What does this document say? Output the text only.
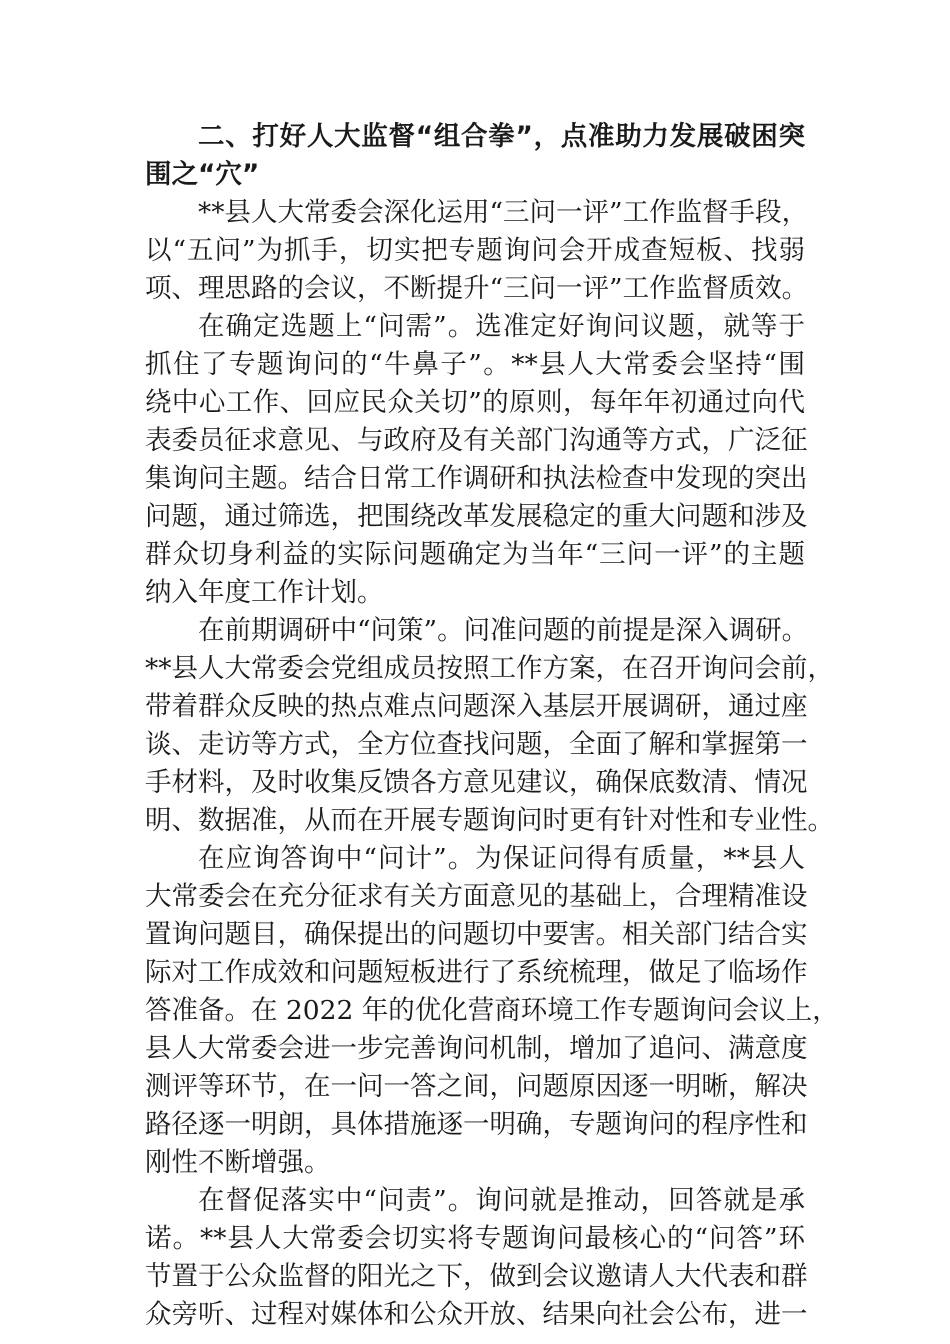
二、打好人大监督“组合拳”，点准助力发展破困突
围之“穴”
**县人大常委会深化运用“三问一评”工作监督手段，
以“五问”为抓手，切实把专题询问会开成查短板、找弱
项、理思路的会议，不断提升“三问一评”工作监督质效。
在确定选题上“问需”。选准定好询问议题，就等于
抓住了专题询问的“牛鼻子”。**县人大常委会坚持“围
绕中心工作、回应民众关切”的原则，每年年初通过向代
表委员征求意见、与政府及有关部门沟通等方式，广泛征
集询问主题。结合日常工作调研和执法检查中发现的突出
问题，通过筛选，把围绕改革发展稳定的重大问题和涉及
群众切身利益的实际问题确定为当年“三问一评”的主题
纳入年度工作计划。
在前期调研中“问策”。问准问题的前提是深入调研。
**县人大常委会党组成员按照工作方案，在召开询问会前，
带着群众反映的热点难点问题深入基层开展调研，通过座
谈、走访等方式，全方位查找问题，全面了解和掌握第一
手材料，及时收集反馈各方意见建议，确保底数清、情况
明、数据准，从而在开展专题询问时更有针对性和专业性。
在应询答询中“问计”。为保证问得有质量，**县人
大常委会在充分征求有关方面意见的基础上，合理精准设
置询问题目，确保提出的问题切中要害。相关部门结合实
际对工作成效和问题短板进行了系统梳理，做足了临场作
答准备。在 2022 年的优化营商环境工作专题询问会议上，
县人大常委会进一步完善询问机制，增加了追问、满意度
测评等环节，在一问一答之间，问题原因逐一明晰，解决
路径逐一明朗，具体措施逐一明确，专题询问的程序性和
刚性不断增强。
在督促落实中“问责”。询问就是推动，回答就是承
诺。**县人大常委会切实将专题询问最核心的“问答”环
节置于公众监督的阳光之下，做到会议邀请人大代表和群
众旁听、过程对媒体和公众开放、结果向社会公布，进一
